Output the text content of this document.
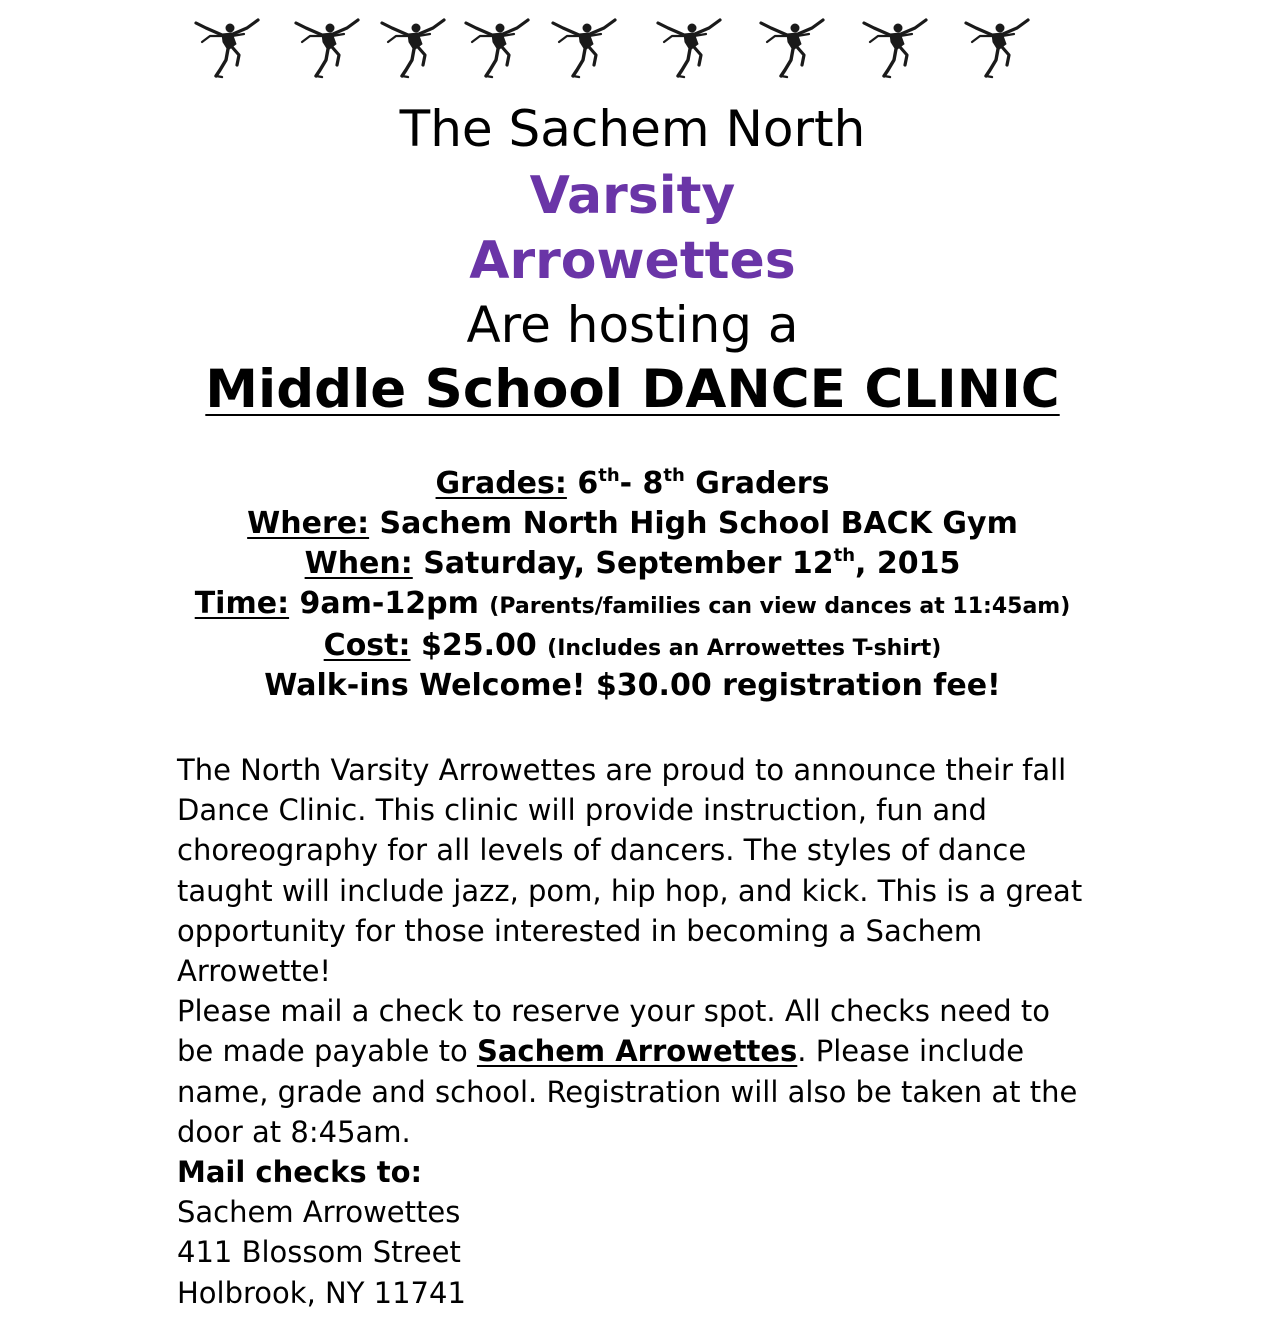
The Sachem North
Varsity
Arrowettes
Are hosting a
Middle School DANCE CLINIC
Grades: 6th- 8th Graders
Where: Sachem North High School BACK Gym
When: Saturday, September 12th, 2015
Time: 9am-12pm (Parents/families can view dances at 11:45am)
Cost: $25.00 (Includes an Arrowettes T-shirt)
Walk-ins Welcome! $30.00 registration fee!
The North Varsity Arrowettes are proud to announce their fall
Dance Clinic. This clinic will provide instruction, fun and
choreography for all levels of dancers. The styles of dance
taught will include jazz, pom, hip hop, and kick. This is a great
opportunity for those interested in becoming a Sachem
Arrowette!
Please mail a check to reserve your spot. All checks need to
be made payable to Sachem Arrowettes. Please include
name, grade and school. Registration will also be taken at the
door at 8:45am.
Mail checks to:
Sachem Arrowettes
411 Blossom Street
Holbrook, NY 11741
